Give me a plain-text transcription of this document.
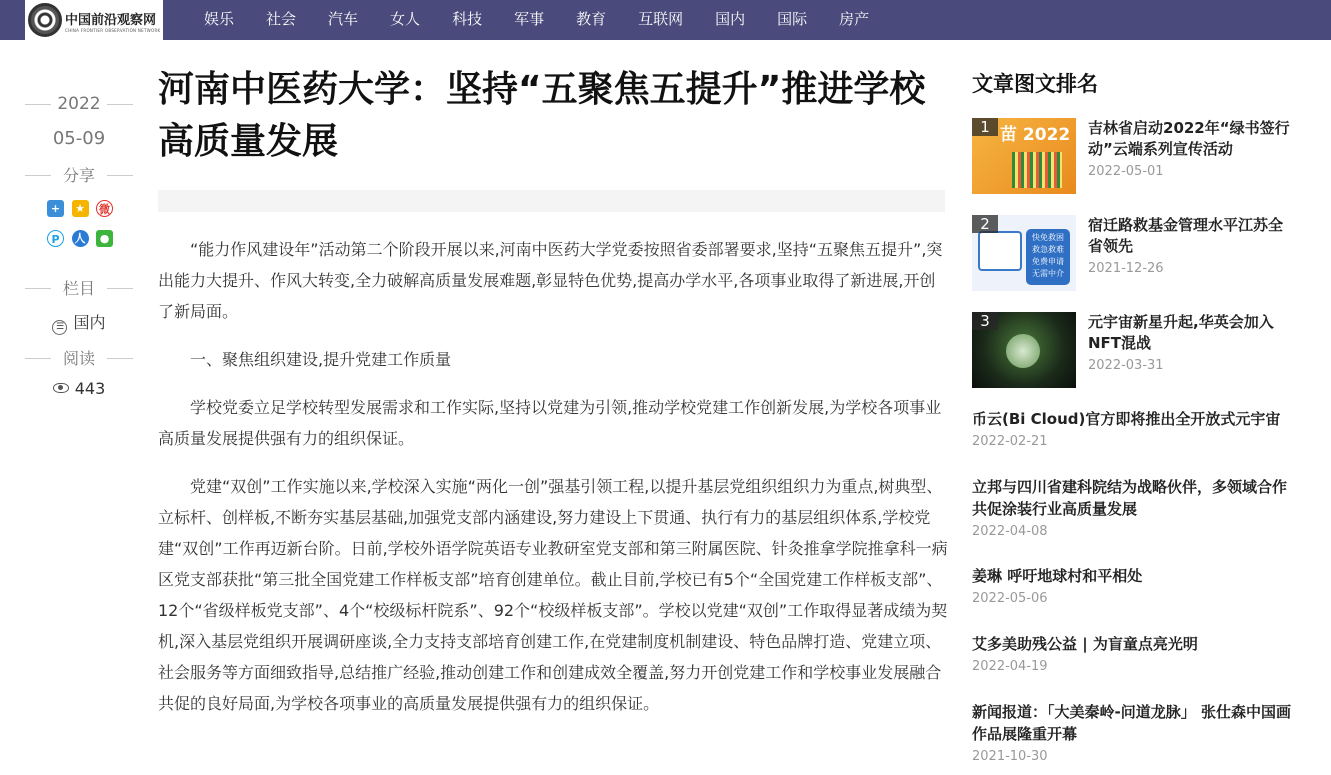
中国前沿观察网
CHINA FRONTIER OBSERVATION NETWORK
娱乐	社会	汽车	女人	科技	军事	教育	互联网	国内	国际	房产
2022
05-09
分享
+	★	微
P	人	●
栏目
☰ 国内
阅读
443
河南中医药大学：坚持“五聚焦五提升”推进学校高质量发展

“能力作风建设年”活动第二个阶段开展以来,河南中医药大学党委按照省委部署要求,坚持“五聚焦五提升”,突出能力大提升、作风大转变,全力破解高质量发展难题,彰显特色优势,提高办学水平,各项事业取得了新进展,开创了新局面。

一、聚焦组织建设,提升党建工作质量

学校党委立足学校转型发展需求和工作实际,坚持以党建为引领,推动学校党建工作创新发展,为学校各项事业高质量发展提供强有力的组织保证。

党建“双创”工作实施以来,学校深入实施“两化一创”强基引领工程,以提升基层党组织组织力为重点,树典型、立标杆、创样板,不断夯实基层基础,加强党支部内涵建设,努力建设上下贯通、执行有力的基层组织体系,学校党建“双创”工作再迈新台阶。日前,学校外语学院英语专业教研室党支部和第三附属医院、针灸推拿学院推拿科一病区党支部获批“第三批全国党建工作样板支部”培育创建单位。截止目前,学校已有5个“全国党建工作样板支部”、12个“省级样板党支部”、4个“校级标杆院系”、92个“校级样板支部”。学校以党建“双创”工作取得显著成绩为契机,深入基层党组织开展调研座谈,全力支持支部培育创建工作,在党建制度机制建设、特色品牌打造、党建立项、社会服务等方面细致指导,总结推广经验,推动创建工作和创建成效全覆盖,努力开创党建工作和学校事业发展融合共促的良好局面,为学校各项事业的高质量发展提供强有力的组织保证。

文章图文排名
苗 2022
1	吉林省启动2022年“绿书签行动”云端系列宣传活动
2022-05-01
快免救困 救急救难 免费申请 无需中介
2	宿迁路救基金管理水平江苏全省领先
2021-12-26
3	元宇宙新星升起,华英会加入NFT混战
2022-03-31
币云(Bi Cloud)官方即将推出全开放式元宇宙
2022-02-21
立邦与四川省建科院结为战略伙伴，多领域合作共促涂装行业高质量发展
2022-04-08
姜琳 呼吁地球村和平相处
2022-05-06
艾多美助残公益 | 为盲童点亮光明
2022-04-19
新闻报道：「大美秦岭-问道龙脉」 张仕森中国画作品展隆重开幕
2021-10-30
